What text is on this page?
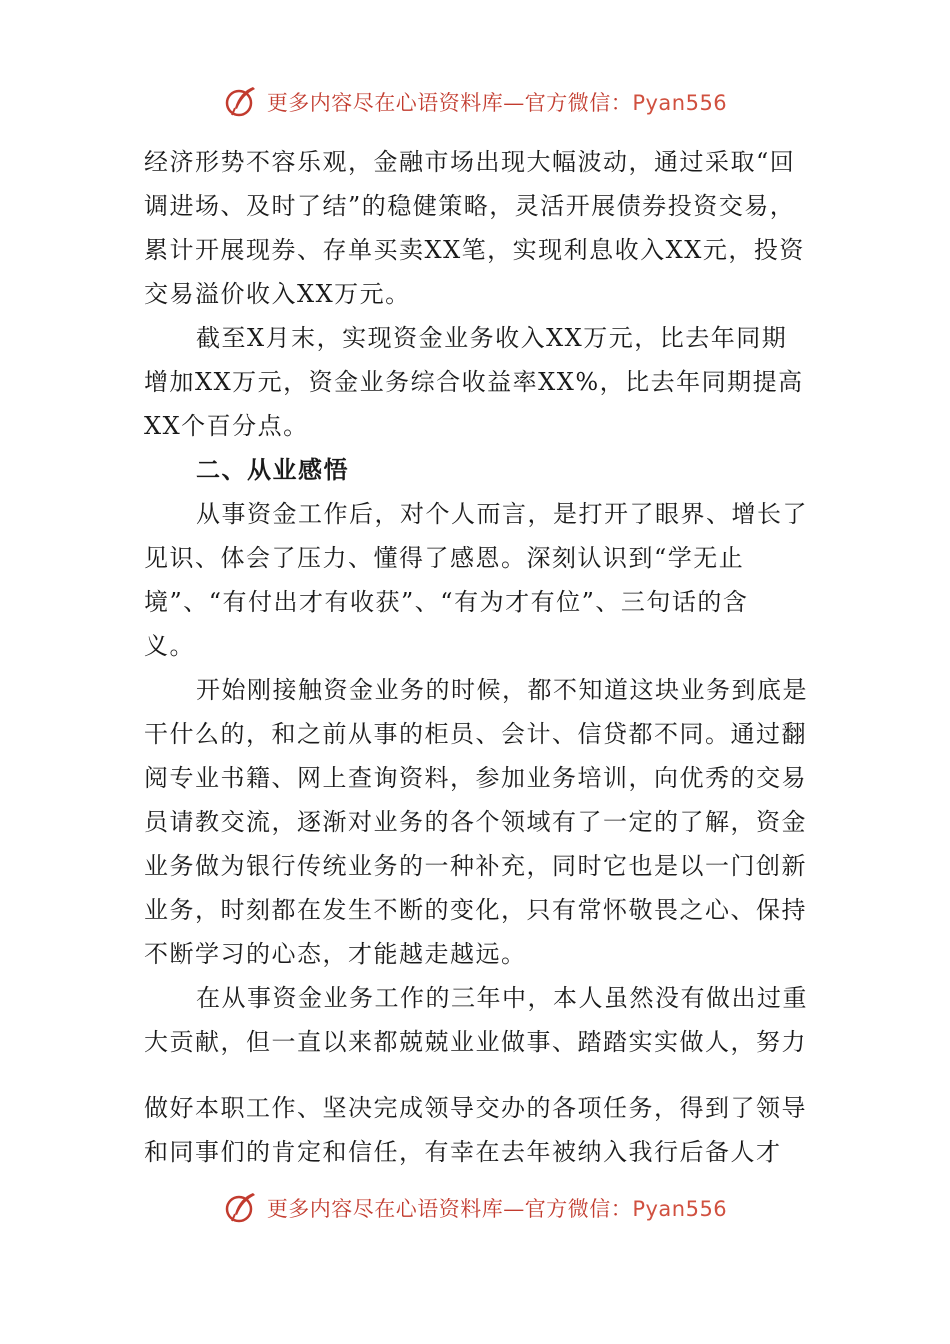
更多内容尽在心语资料库—官方微信：Pyan556
经济形势不容乐观，金融市场出现大幅波动，通过采取“回
调进场、及时了结”的稳健策略，灵活开展债券投资交易，
累计开展现券、存单买卖XX笔，实现利息收入XX元，投资
交易溢价收入XX万元。
截至X月末，实现资金业务收入XX万元，比去年同期
增加XX万元，资金业务综合收益率XX%，比去年同期提高
XX个百分点。
二、从业感悟
从事资金工作后，对个人而言，是打开了眼界、增长了
见识、体会了压力、懂得了感恩。深刻认识到“学无止
境”、“有付出才有收获”、“有为才有位”、三句话的含
义。
开始刚接触资金业务的时候，都不知道这块业务到底是
干什么的，和之前从事的柜员、会计、信贷都不同。通过翻
阅专业书籍、网上查询资料，参加业务培训，向优秀的交易
员请教交流，逐渐对业务的各个领域有了一定的了解，资金
业务做为银行传统业务的一种补充，同时它也是以一门创新
业务，时刻都在发生不断的变化，只有常怀敬畏之心、保持
不断学习的心态，才能越走越远。
在从事资金业务工作的三年中，本人虽然没有做出过重
大贡献，但一直以来都兢兢业业做事、踏踏实实做人，努力
做好本职工作、坚决完成领导交办的各项任务，得到了领导
和同事们的肯定和信任，有幸在去年被纳入我行后备人才
更多内容尽在心语资料库—官方微信：Pyan556
